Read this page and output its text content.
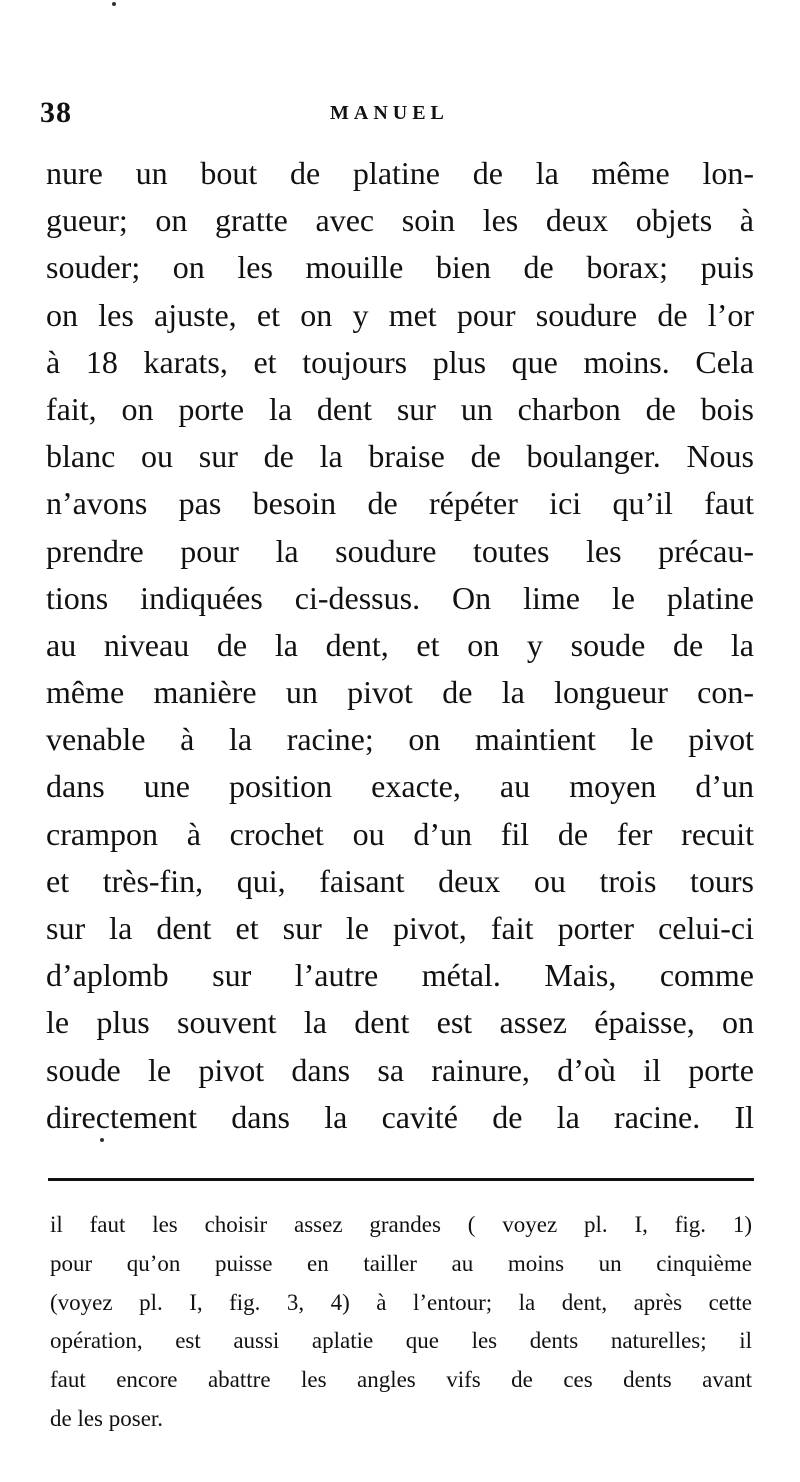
38	MANUEL
nure un bout de platine de la même lon-
gueur; on gratte avec soin les deux objets à
souder; on les mouille bien de borax; puis
on les ajuste, et on y met pour soudure de l’or
à 18 karats, et toujours plus que moins. Cela
fait, on porte la dent sur un charbon de bois
blanc ou sur de la braise de boulanger. Nous
n’avons pas besoin de répéter ici qu’il faut
prendre pour la soudure toutes les précau-
tions indiquées ci-dessus. On lime le platine
au niveau de la dent, et on y soude de la
même manière un pivot de la longueur con-
venable à la racine; on maintient le pivot
dans une position exacte, au moyen d’un
crampon à crochet ou d’un fil de fer recuit
et très-fin, qui, faisant deux ou trois tours
sur la dent et sur le pivot, fait porter celui-ci
d’aplomb sur l’autre métal. Mais, comme
le plus souvent la dent est assez épaisse, on
soude le pivot dans sa rainure, d’où il porte
directement dans la cavité de la racine. Il
il faut les choisir assez grandes ( voyez pl. I, fig. 1)
pour qu’on puisse en tailler au moins un cinquième
(voyez pl. I, fig. 3, 4) à l’entour; la dent, après cette
opération, est aussi aplatie que les dents naturelles; il
faut encore abattre les angles vifs de ces dents avant
de les poser.
